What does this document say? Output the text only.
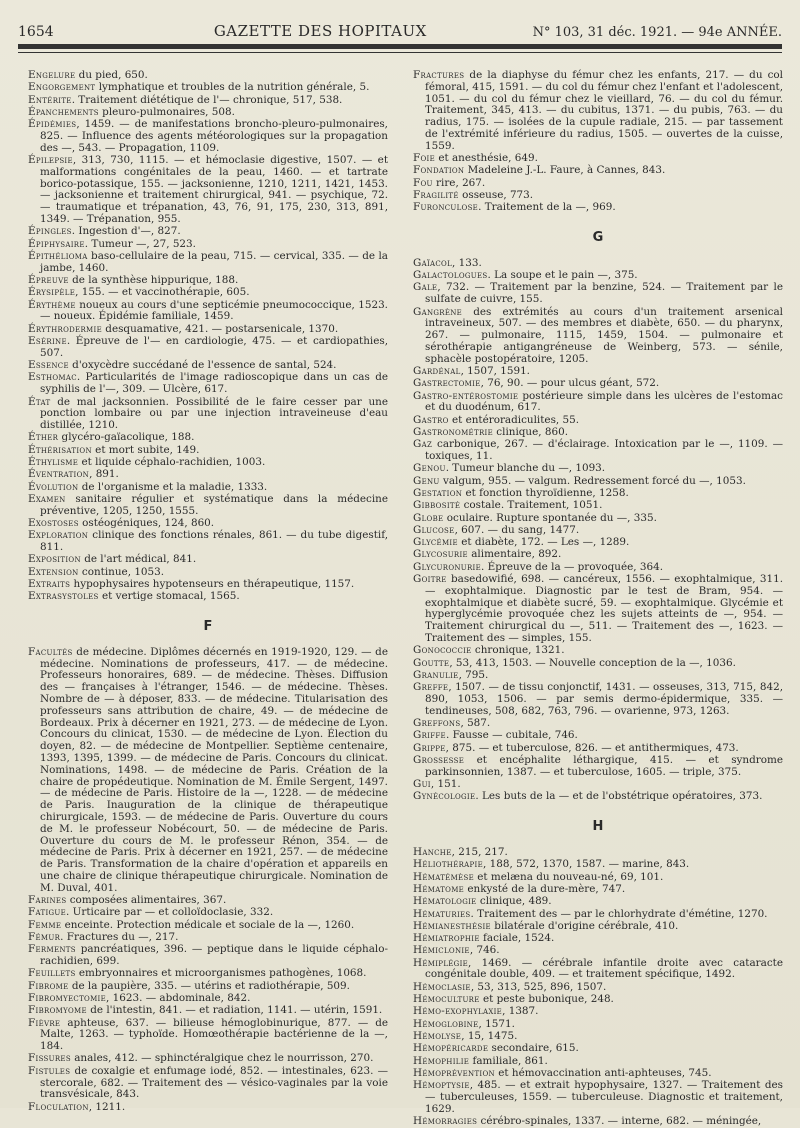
1654	GAZETTE DES HOPITAUX	N° 103, 31 déc. 1921. — 94e ANNÉE.

Engelure du pied, 650.

Engorgement lymphatique et troubles de la nutrition générale, 5.

Entérite. Traitement diététique de l'— chronique, 517, 538.

Épanchements pleuro-pulmonaires, 508.

Épidémies, 1459. — de manifestations broncho-pleuro-pulmonaires, 825. — Influence des agents météorologiques sur la propagation des —, 543. — Propagation, 1109.

Épilepsie, 313, 730, 1115. — et hémoclasie digestive, 1507. — et malformations congénitales de la peau, 1460. — et tartrate borico-potassique, 155. — jacksonienne, 1210, 1211, 1421, 1453. — jacksonienne et traitement chirurgical, 941. — psychique, 72. — traumatique et trépanation, 43, 76, 91, 175, 230, 313, 891, 1349. — Trépanation, 955.

Épingles. Ingestion d'—, 827.

Épiphysaire. Tumeur —, 27, 523.

Épithélioma baso-cellulaire de la peau, 715. — cervical, 335. — de la jambe, 1460.

Épreuve de la synthèse hippurique, 188.

Érysipèle, 155. — et vaccinothérapie, 605.

Érythème noueux au cours d'une septicémie pneumococcique, 1523. — noueux. Épidémie familiale, 1459.

Érythrodermie desquamative, 421. — postarsenicale, 1370.

Esérine. Épreuve de l'— en cardiologie, 475. — et cardiopathies, 507.

Essence d'oxycèdre succédané de l'essence de santal, 524.

Esthomac. Particularités de l'image radioscopique dans un cas de syphilis de l'—, 309. — Ulcère, 617.

État de mal jacksonnien. Possibilité de le faire cesser par une ponction lombaire ou par une injection intraveineuse d'eau distillée, 1210.

Éther glycéro-gaïacolique, 188.

Éthérisation et mort subite, 149.

Éthylisme et liquide céphalo-rachidien, 1003.

Éventration, 891.

Évolution de l'organisme et la maladie, 1333.

Examen sanitaire régulier et systématique dans la médecine préventive, 1205, 1250, 1555.

Exostoses ostéogéniques, 124, 860.

Exploration clinique des fonctions rénales, 861. — du tube digestif, 811.

Exposition de l'art médical, 841.

Extension continue, 1053.

Extraits hypophysaires hypotenseurs en thérapeutique, 1157.

Extrasystoles et vertige stomacal, 1565.

F

Facultés de médecine. Diplômes décernés en 1919-1920, 129. — de médecine. Nominations de professeurs, 417. — de médecine. Professeurs honoraires, 689. — de médecine. Thèses. Diffusion des — françaises à l'étranger, 1546. — de médecine. Thèses. Nombre de — à déposer, 833. — de médecine. Titularisation des professeurs sans attribution de chaire, 49. — de médecine de Bordeaux. Prix à décerner en 1921, 273. — de médecine de Lyon. Concours du clinicat, 1530. — de médecine de Lyon. Élection du doyen, 82. — de médecine de Montpellier. Septième centenaire, 1393, 1395, 1399. — de médecine de Paris. Concours du clinicat. Nominations, 1498. — de médecine de Paris. Création de la chaire de propédeutique. Nomination de M. Émile Sergent, 1497. — de médecine de Paris. Histoire de la —, 1228. — de médecine de Paris. Inauguration de la clinique de thérapeutique chirurgicale, 1593. — de médecine de Paris. Ouverture du cours de M. le professeur Nobécourt, 50. — de médecine de Paris. Ouverture du cours de M. le professeur Rénon, 354. — de médecine de Paris. Prix à décerner en 1921, 257. — de médecine de Paris. Transformation de la chaire d'opération et appareils en une chaire de clinique thérapeutique chirurgicale. Nomination de M. Duval, 401.

Farines composées alimentaires, 367.

Fatigue. Urticaire par — et colloïdoclasie, 332.

Femme enceinte. Protection médicale et sociale de la —, 1260.

Fémur. Fractures du —, 217.

Ferments pancréatiques, 396. — peptique dans le liquide céphalo-rachidien, 699.

Feuillets embryonnaires et microorganismes pathogènes, 1068.

Fibrome de la paupière, 335. — utérins et radiothérapie, 509.

Fibromyectomie, 1623. — abdominale, 842.

Fibromyome de l'intestin, 841. — et radiation, 1141. — utérin, 1591.

Fièvre aphteuse, 637. — bilieuse hémoglobinurique, 877. — de Malte, 1263. — typhoïde. Homœothérapie bactérienne de la —, 184.

Fissures anales, 412. — sphinctéralgique chez le nourrisson, 270.

Fistules de coxalgie et enfumage iodé, 852. — intestinales, 623. — stercorale, 682. — Traitement des — vésico-vaginales par la voie transvésicale, 843.

Floculation, 1211.

Fractures de la diaphyse du fémur chez les enfants, 217. — du col fémoral, 415, 1591. — du col du fémur chez l'enfant et l'adolescent, 1051. — du col du fémur chez le vieillard, 76. — du col du fémur. Traitement, 345, 413. — du cubitus, 1371. — du pubis, 763. — du radius, 175. — isolées de la cupule radiale, 215. — par tassement de l'extrémité inférieure du radius, 1505. — ouvertes de la cuisse, 1559.

Foie et anesthésie, 649.

Fondation Madeleine J.-L. Faure, à Cannes, 843.

Fou rire, 267.

Fragilité osseuse, 773.

Furonculose. Traitement de la —, 969.

G

Gaïacol, 133.

Galactologues. La soupe et le pain —, 375.

Gale, 732. — Traitement par la benzine, 524. — Traitement par le sulfate de cuivre, 155.

Gangrène des extrémités au cours d'un traitement arsenical intraveineux, 507. — des membres et diabète, 650. — du pharynx, 267. — pulmonaire, 1115, 1459, 1504. — pulmonaire et sérothérapie antigangréneuse de Weinberg, 573. — sénile, sphacèle postopératoire, 1205.

Gardénal, 1507, 1591.

Gastrectomie, 76, 90. — pour ulcus géant, 572.

Gastro-entérostomie postérieure simple dans les ulcères de l'estomac et du duodénum, 617.

Gastro et entéroradiculites, 55.

Gastronométrie clinique, 860.

Gaz carbonique, 267. — d'éclairage. Intoxication par le —, 1109. — toxiques, 11.

Genou. Tumeur blanche du —, 1093.

Genu valgum, 955. — valgum. Redressement forcé du —, 1053.

Gestation et fonction thyroïdienne, 1258.

Gibbosité costale. Traitement, 1051.

Globe oculaire. Rupture spontanée du —, 335.

Glucose, 607. — du sang, 1477.

Glycémie et diabète, 172. — Les —, 1289.

Glycosurie alimentaire, 892.

Glycuronurie. Épreuve de la — provoquée, 364.

Goitre basedowifié, 698. — cancéreux, 1556. — exophtalmique, 311. — exophtalmique. Diagnostic par le test de Bram, 954. — exophtalmique et diabète sucré, 59. — exophtalmique. Glycémie et hyperglycémie provoquée chez les sujets atteints de —, 954. — Traitement chirurgical du —, 511. — Traitement des —, 1623. — Traitement des — simples, 155.

Gonococcie chronique, 1321.

Goutte, 53, 413, 1503. — Nouvelle conception de la —, 1036.

Granulie, 795.

Greffe, 1507. — de tissu conjonctif, 1431. — osseuses, 313, 715, 842, 890, 1053, 1506. — par semis dermo-épidermique, 335. — tendineuses, 508, 682, 763, 796. — ovarienne, 973, 1263.

Greffons, 587.

Griffe. Fausse — cubitale, 746.

Grippe, 875. — et tuberculose, 826. — et antithermiques, 473.

Grossesse et encéphalite léthargique, 415. — et syndrome parkinsonnien, 1387. — et tuberculose, 1605. — triple, 375.

Gui, 151.

Gynécologie. Les buts de la — et de l'obstétrique opératoires, 373.

H

Hanche, 215, 217.

Héliothérapie, 188, 572, 1370, 1587. — marine, 843.

Hématémèse et melæna du nouveau-né, 69, 101.

Hématome enkysté de la dure-mère, 747.

Hématologie clinique, 489.

Hématuries. Traitement des — par le chlorhydrate d'émétine, 1270.

Hémianesthésie bilatérale d'origine cérébrale, 410.

Hémiatrophie faciale, 1524.

Hémiclonie, 746.

Hémiplégie, 1469. — cérébrale infantile droite avec cataracte congénitale double, 409. — et traitement spécifique, 1492.

Hémoclasie, 53, 313, 525, 896, 1507.

Hémoculture et peste bubonique, 248.

Hémo-exophylaxie, 1387.

Hémoglobine, 1571.

Hémolyse, 15, 1475.

Hémopéricarde secondaire, 615.

Hémophilie familiale, 861.

Hémoprévention et hémovaccination anti-aphteuses, 745.

Hémoptysie, 485. — et extrait hypophysaire, 1327. — Traitement des — tuberculeuses, 1559. — tuberculeuse. Diagnostic et traitement, 1629.

Hémorragies cérébro-spinales, 1337. — interne, 682. — méningée,
